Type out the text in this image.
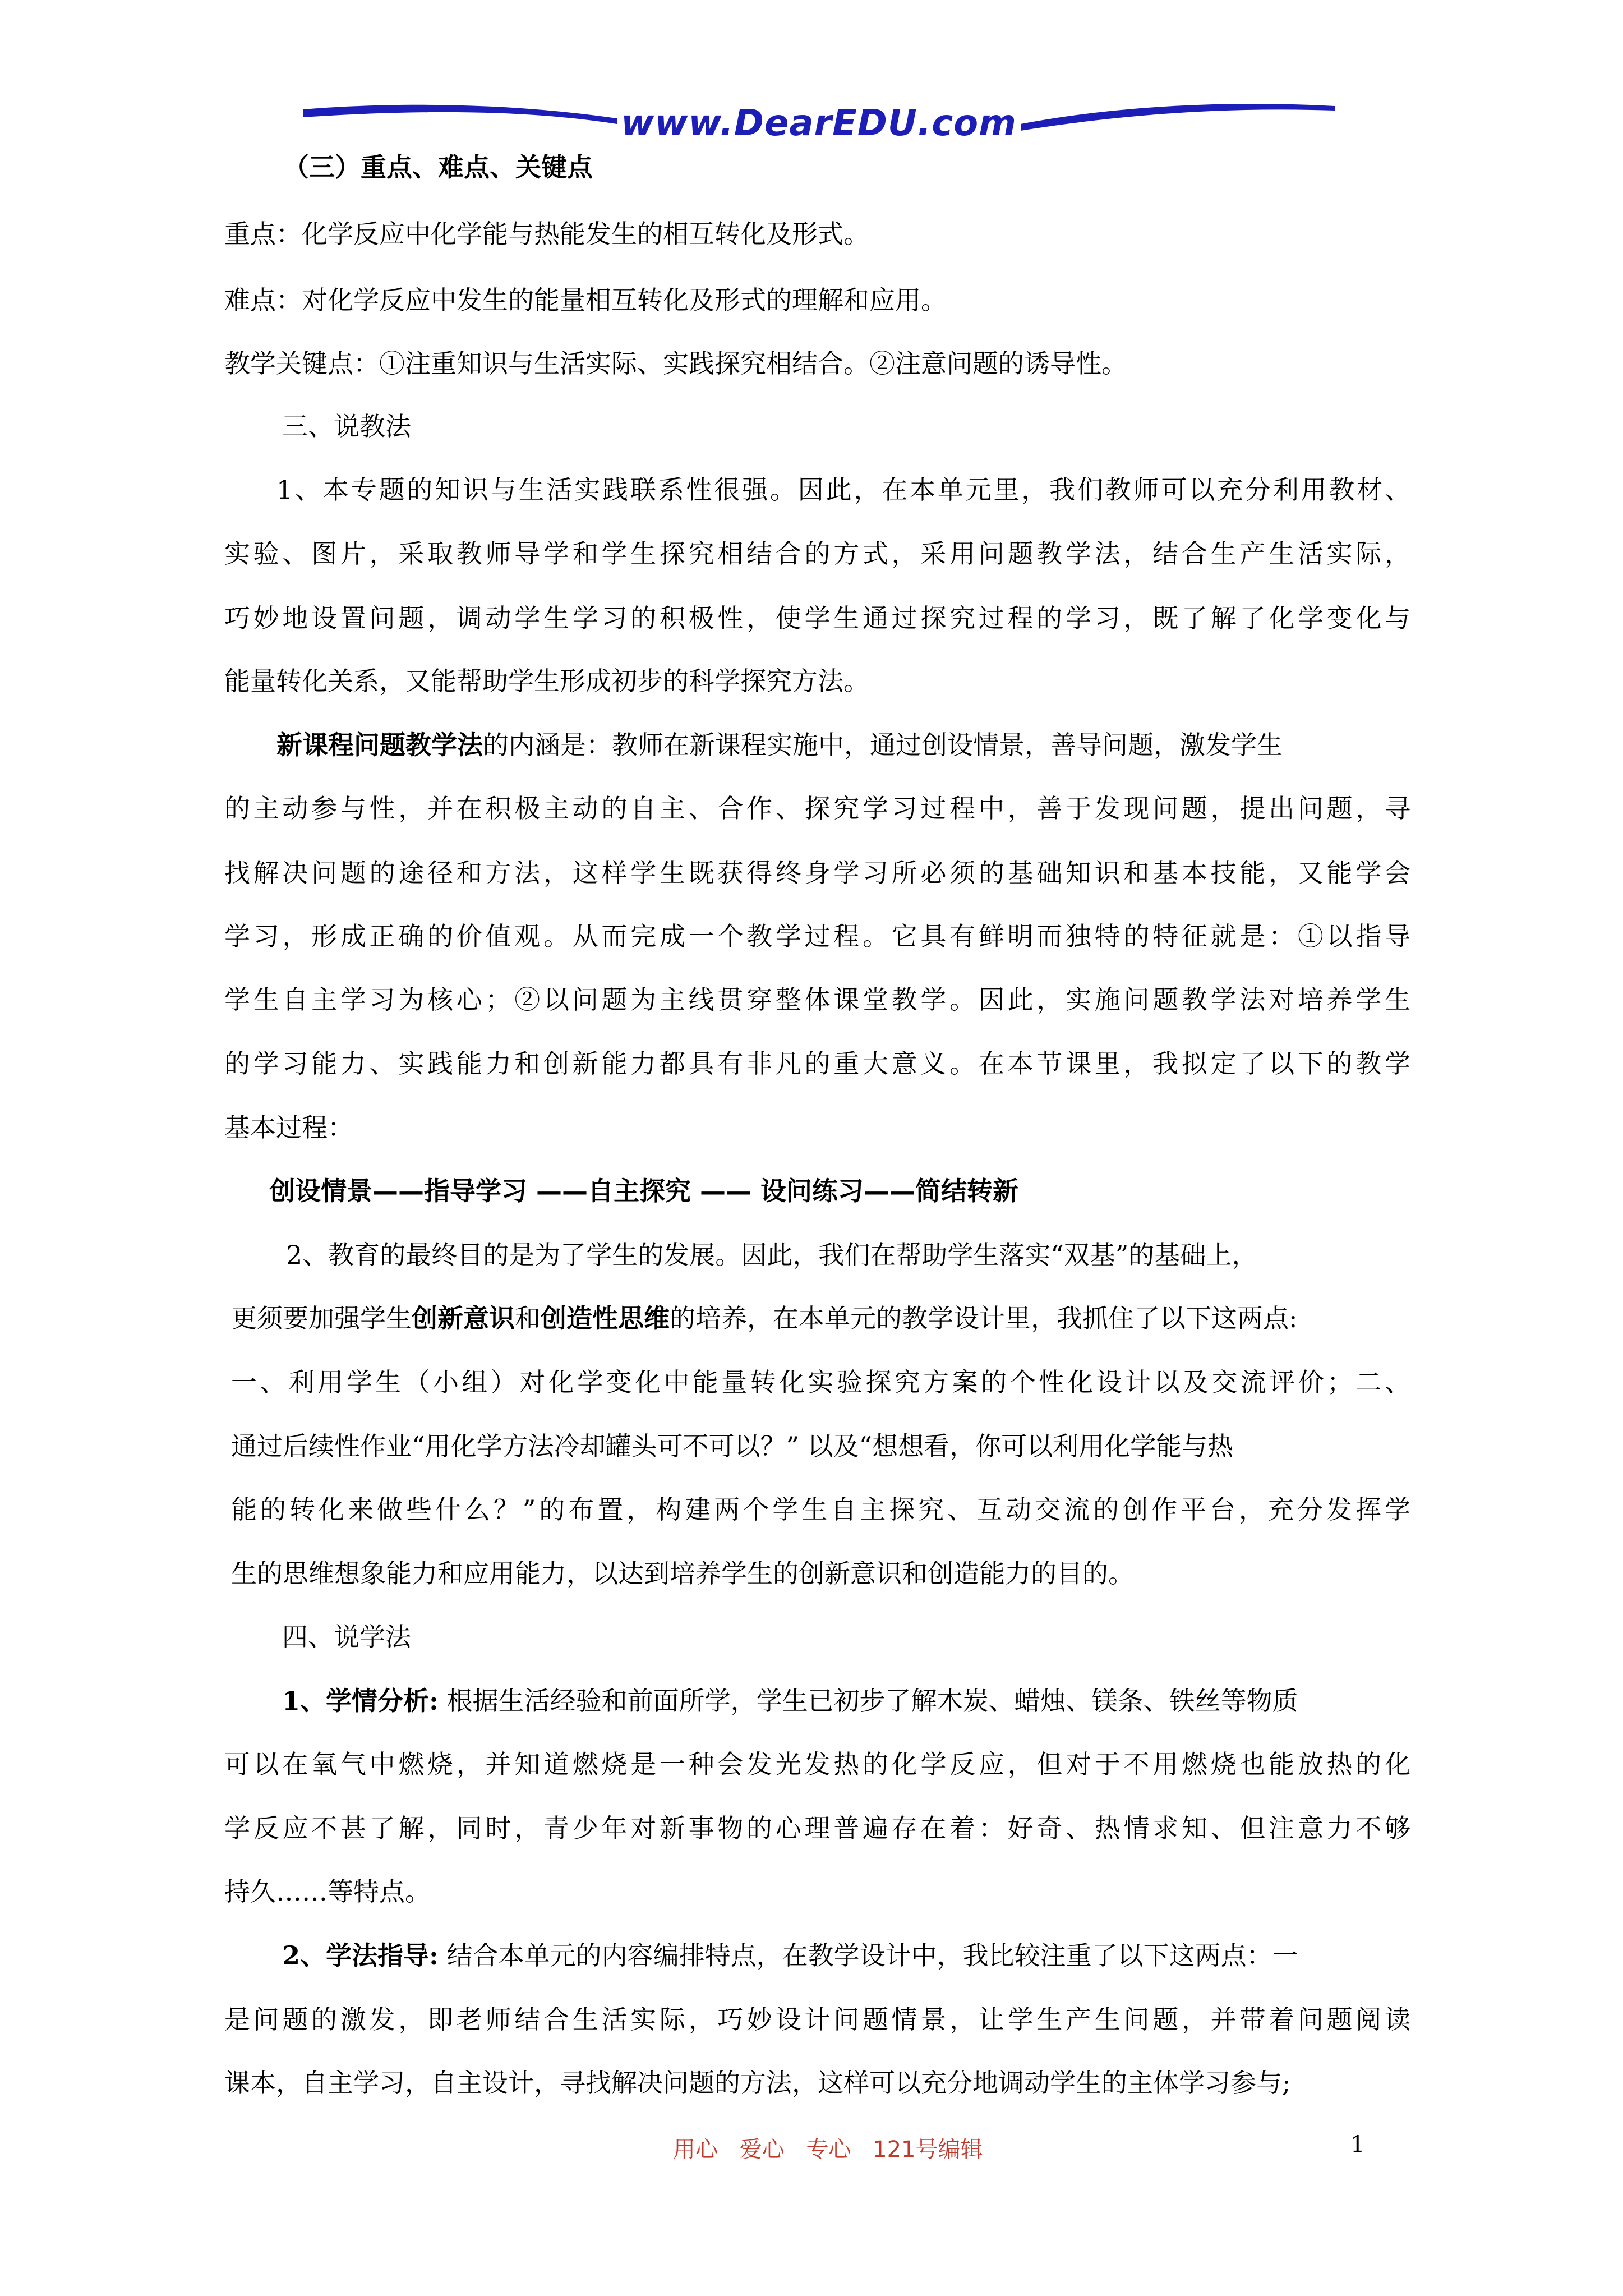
www.DearEDU.com
（三）重点、难点、关键点
重点：化学反应中化学能与热能发生的相互转化及形式。
难点：对化学反应中发生的能量相互转化及形式的理解和应用。
教学关键点：①注重知识与生活实际、实践探究相结合。②注意问题的诱导性。
三、说教法
1、本专题的知识与生活实践联系性很强。因此，在本单元里，我们教师可以充分利用教材、
实验、图片，采取教师导学和学生探究相结合的方式，采用问题教学法，结合生产生活实际，
巧妙地设置问题，调动学生学习的积极性，使学生通过探究过程的学习，既了解了化学变化与
能量转化关系，又能帮助学生形成初步的科学探究方法。
新课程问题教学法的内涵是：教师在新课程实施中，通过创设情景，善导问题，激发学生
的主动参与性，并在积极主动的自主、合作、探究学习过程中，善于发现问题，提出问题，寻
找解决问题的途径和方法，这样学生既获得终身学习所必须的基础知识和基本技能，又能学会
学习，形成正确的价值观。从而完成一个教学过程。它具有鲜明而独特的特征就是：①以指导
学生自主学习为核心；②以问题为主线贯穿整体课堂教学。因此，实施问题教学法对培养学生
的学习能力、实践能力和创新能力都具有非凡的重大意义。在本节课里，我拟定了以下的教学
基本过程：
创设情景——指导学习 ——自主探究 —— 设问练习——简结转新
2、教育的最终目的是为了学生的发展。因此，我们在帮助学生落实“双基”的基础上，
更须要加强学生创新意识和创造性思维的培养，在本单元的教学设计里，我抓住了以下这两点:
一、利用学生（小组）对化学变化中能量转化实验探究方案的个性化设计以及交流评价；二、
通过后续性作业“用化学方法冷却罐头可不可以？” 以及“想想看，你可以利用化学能与热
能的转化来做些什么？”的布置，构建两个学生自主探究、互动交流的创作平台，充分发挥学
生的思维想象能力和应用能力，以达到培养学生的创新意识和创造能力的目的。
四、说学法
1、学情分析: 根据生活经验和前面所学，学生已初步了解木炭、蜡烛、镁条、铁丝等物质
可以在氧气中燃烧，并知道燃烧是一种会发光发热的化学反应，但对于不用燃烧也能放热的化
学反应不甚了解，同时，青少年对新事物的心理普遍存在着：好奇、热情求知、但注意力不够
持久……等特点。
2、学法指导: 结合本单元的内容编排特点，在教学设计中，我比较注重了以下这两点：一
是问题的激发，即老师结合生活实际，巧妙设计问题情景，让学生产生问题，并带着问题阅读
课本，自主学习，自主设计，寻找解决问题的方法，这样可以充分地调动学生的主体学习参与;
用心 爱心 专心 121号编辑	1
